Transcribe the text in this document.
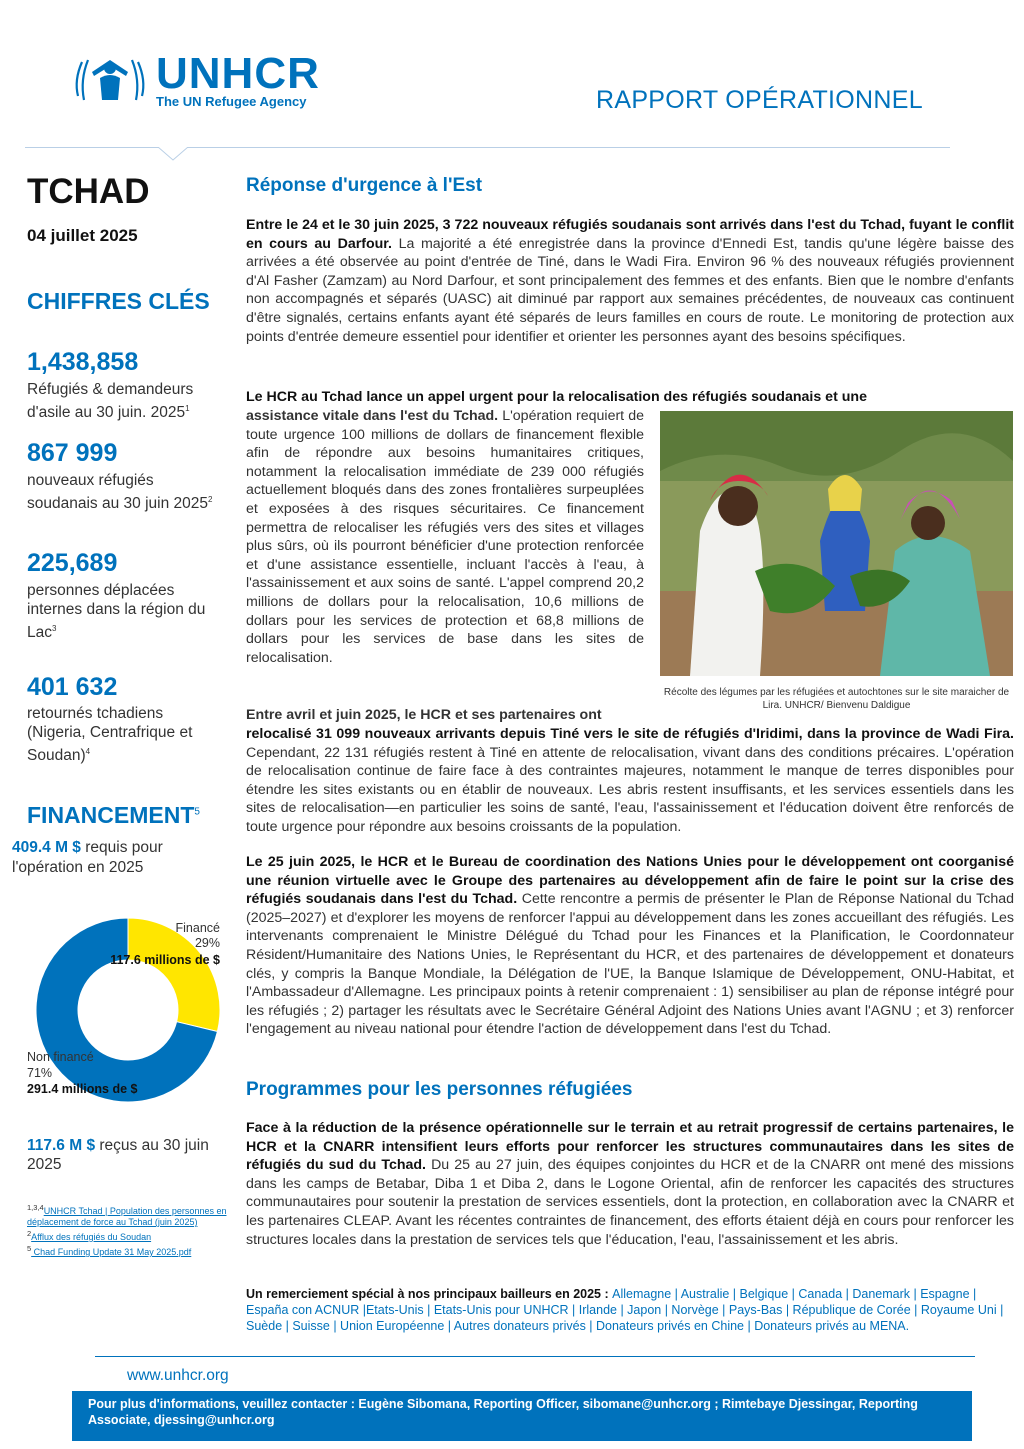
UNHCR
The UN Refugee Agency	RAPPORT OPÉRATIONNEL
TCHAD
04 juillet 2025
CHIFFRES CLÉS
1,438,858
Réfugiés & demandeurs d'asile au 30 juin. 2025$^1$
867 999
nouveaux réfugiés soudanais au 30 juin 2025$^2$
225,689
personnes déplacées internes dans la région du Lac$^3$
401 632
retournés tchadiens (Nigeria, Centrafrique et Soudan)$^4$
FINANCEMENT$^5$
409.4 M $ requis pour l'opération en 2025
Financé
29%
117.6 millions de $
Non financé
71%
291.4 millions de $
117.6 M $ reçus au 30 juin 2025
$^{1,3,4}$UNHCR Tchad | Population des personnes en déplacement de force au Tchad (juin 2025)
$^2$Afflux des réfugiés du Soudan
$^5$ Chad Funding Update 31 May 2025.pdf
Réponse d'urgence à l'Est
Entre le 24 et le 30 juin 2025, 3 722 nouveaux réfugiés soudanais sont arrivés dans l'est du Tchad, fuyant le conflit en cours au Darfour. La majorité a été enregistrée dans la province d'Ennedi Est, tandis qu'une légère baisse des arrivées a été observée au point d'entrée de Tiné, dans le Wadi Fira. Environ 96 % des nouveaux réfugiés proviennent d'Al Fasher (Zamzam) au Nord Darfour, et sont principalement des femmes et des enfants. Bien que le nombre d'enfants non accompagnés et séparés (UASC) ait diminué par rapport aux semaines précédentes, de nouveaux cas continuent d'être signalés, certains enfants ayant été séparés de leurs familles en cours de route. Le monitoring de protection aux points d'entrée demeure essentiel pour identifier et orienter les personnes ayant des besoins spécifiques.
Le HCR au Tchad lance un appel urgent pour la relocalisation des réfugiés soudanais et une
assistance vitale dans l'est du Tchad. L'opération requiert de toute urgence 100 millions de dollars de financement flexible afin de répondre aux besoins humanitaires critiques, notamment la relocalisation immédiate de 239 000 réfugiés actuellement bloqués dans des zones frontalières surpeuplées et exposées à des risques sécuritaires. Ce financement permettra de relocaliser les réfugiés vers des sites et villages plus sûrs, où ils pourront bénéficier d'une protection renforcée et d'une assistance essentielle, incluant l'accès à l'eau, à l'assainissement et aux soins de santé. L'appel comprend 20,2 millions de dollars pour la relocalisation, 10,6 millions de dollars pour les services de protection et 68,8 millions de dollars pour les services de base dans les sites de relocalisation.
Récolte des légumes par les réfugiées et autochtones sur le site maraicher de Lira. UNHCR/ Bienvenu Daldigue
Entre avril et juin 2025, le HCR et ses partenaires ont
relocalisé 31 099 nouveaux arrivants depuis Tiné vers le site de réfugiés d'Iridimi, dans la province de Wadi Fira. Cependant, 22 131 réfugiés restent à Tiné en attente de relocalisation, vivant dans des conditions précaires. L'opération de relocalisation continue de faire face à des contraintes majeures, notamment le manque de terres disponibles pour étendre les sites existants ou en établir de nouveaux. Les abris restent insuffisants, et les services essentiels dans les sites de relocalisation—en particulier les soins de santé, l'eau, l'assainissement et l'éducation doivent être renforcés de toute urgence pour répondre aux besoins croissants de la population.
Le 25 juin 2025, le HCR et le Bureau de coordination des Nations Unies pour le développement ont coorganisé une réunion virtuelle avec le Groupe des partenaires au développement afin de faire le point sur la crise des réfugiés soudanais dans l'est du Tchad. Cette rencontre a permis de présenter le Plan de Réponse National du Tchad (2025–2027) et d'explorer les moyens de renforcer l'appui au développement dans les zones accueillant des réfugiés. Les intervenants comprenaient le Ministre Délégué du Tchad pour les Finances et la Planification, le Coordonnateur Résident/Humanitaire des Nations Unies, le Représentant du HCR, et des partenaires de développement et donateurs clés, y compris la Banque Mondiale, la Délégation de l'UE, la Banque Islamique de Développement, ONU-Habitat, et l'Ambassadeur d'Allemagne. Les principaux points à retenir comprenaient : 1) sensibiliser au plan de réponse intégré pour les réfugiés ; 2) partager les résultats avec le Secrétaire Général Adjoint des Nations Unies avant l'AGNU ; et 3) renforcer l'engagement au niveau national pour étendre l'action de développement dans l'est du Tchad.
Programmes pour les personnes réfugiées
Face à la réduction de la présence opérationnelle sur le terrain et au retrait progressif de certains partenaires, le HCR et la CNARR intensifient leurs efforts pour renforcer les structures communautaires dans les sites de réfugiés du sud du Tchad. Du 25 au 27 juin, des équipes conjointes du HCR et de la CNARR ont mené des missions dans les camps de Betabar, Diba 1 et Diba 2, dans le Logone Oriental, afin de renforcer les capacités des structures communautaires pour soutenir la prestation de services essentiels, dont la protection, en collaboration avec la CNARR et les partenaires CLEAP. Avant les récentes contraintes de financement, des efforts étaient déjà en cours pour renforcer les structures locales dans la prestation de services tels que l'éducation, l'eau, l'assainissement et les abris.
Un remerciement spécial à nos principaux bailleurs en 2025 : Allemagne | Australie | Belgique | Canada | Danemark | Espagne | España con ACNUR |Etats-Unis | Etats-Unis pour UNHCR | Irlande | Japon | Norvège | Pays-Bas | République de Corée | Royaume Uni | Suède | Suisse | Union Européenne | Autres donateurs privés | Donateurs privés en Chine | Donateurs privés au MENA.
www.unhcr.org
Pour plus d'informations, veuillez contacter : Eugène Sibomana, Reporting Officer, sibomane@unhcr.org ; Rimtebaye Djessingar, Reporting Associate, djessing@unhcr.org
